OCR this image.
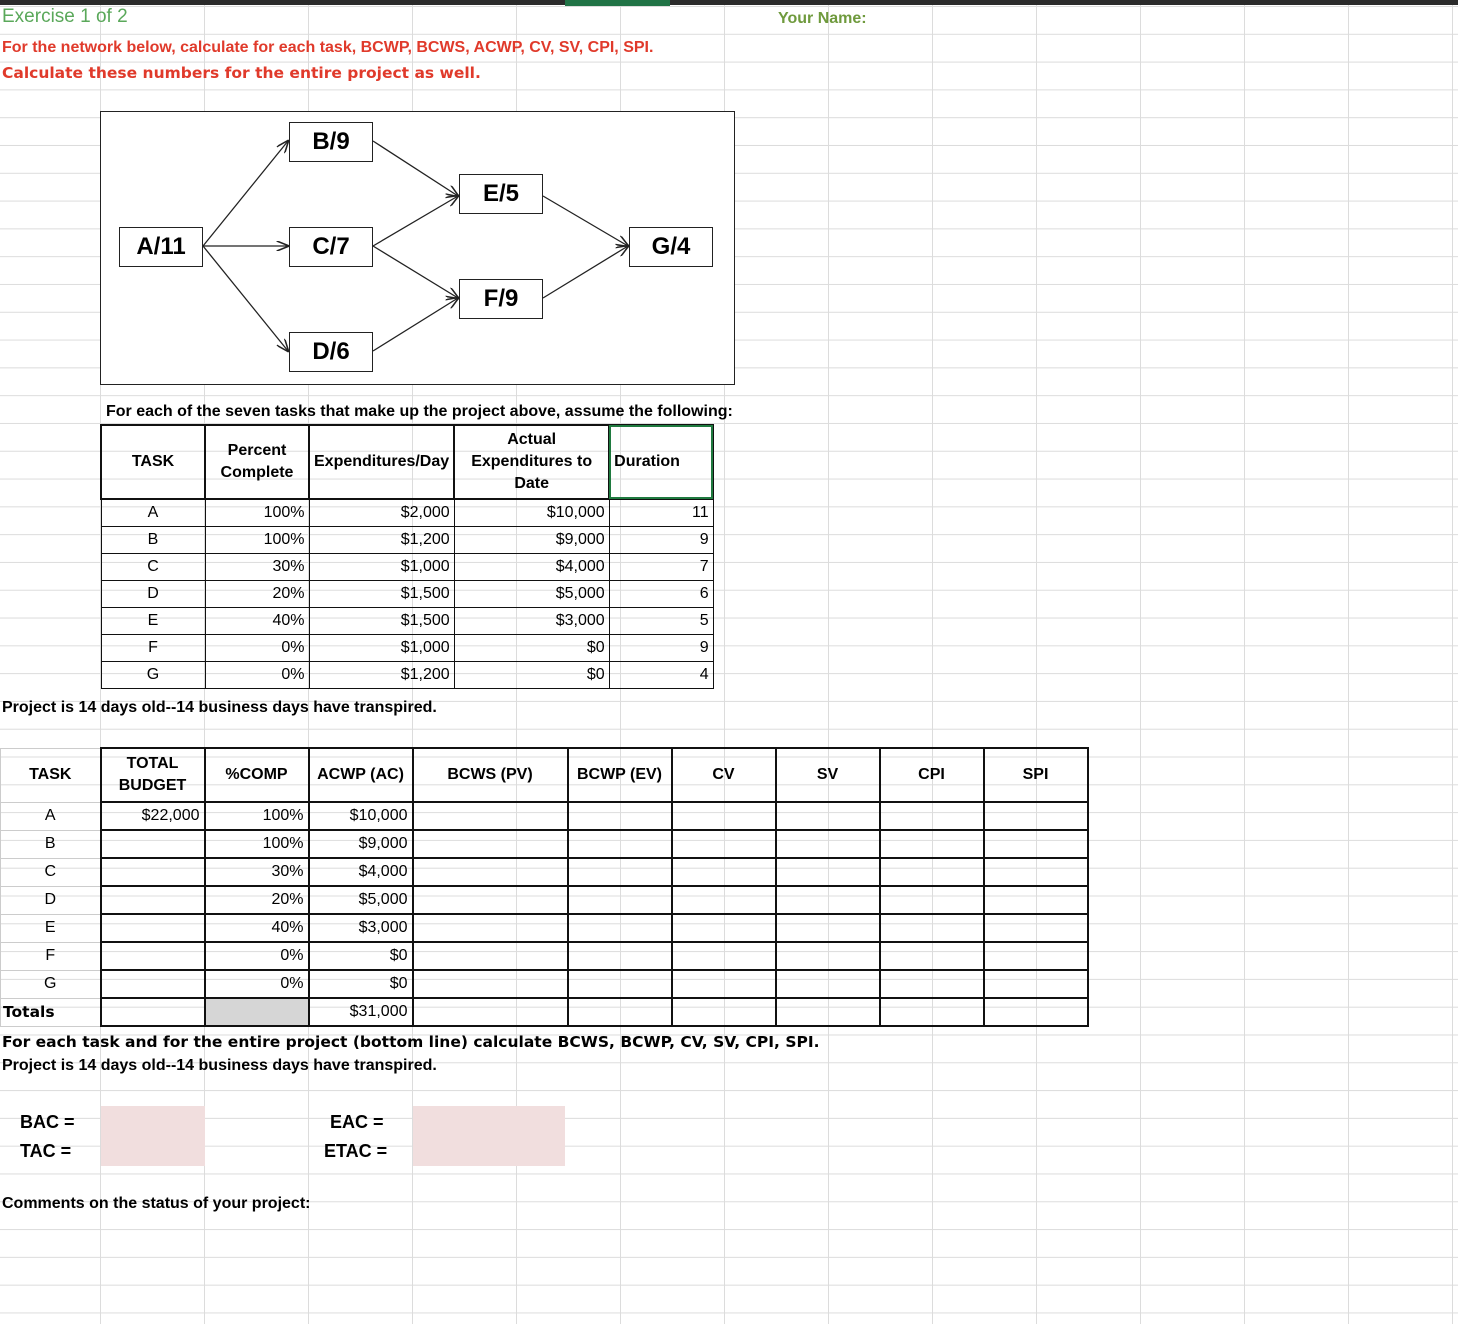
Exercise 1 of 2	Your Name:
For the network below, calculate for each task, BCWP, BCWS, ACWP, CV, SV, CPI, SPI.
Calculate these numbers for the entire project as well.
A/11
B/9
C/7
D/6
E/5
F/9
G/4
For each of the seven tasks that make up the project above, assume the following:
TASK	Percent Complete	Expenditures/Day	Actual Expenditures to Date	Duration
A	100%	$2,000	$10,000	11
B	100%	$1,200	$9,000	9
C	30%	$1,000	$4,000	7
D	20%	$1,500	$5,000	6
E	40%	$1,500	$3,000	5
F	0%	$1,000	$0	9
G	0%	$1,200	$0	4
Project is 14 days old--14 business days have transpired.
TASK	TOTAL BUDGET	%COMP	ACWP (AC)	BCWS (PV)	BCWP (EV)	CV	SV	CPI	SPI
A	$22,000	100%	$10,000						
B		100%	$9,000						
C		30%	$4,000						
D		20%	$5,000						
E		40%	$3,000						
F		0%	$0						
G		0%	$0						
Totals			$31,000						
For each task and for the entire project (bottom line) calculate BCWS, BCWP, CV, SV, CPI, SPI.
Project is 14 days old--14 business days have transpired.
BAC =
TAC =
EAC =
ETAC =
Comments on the status of your project:
